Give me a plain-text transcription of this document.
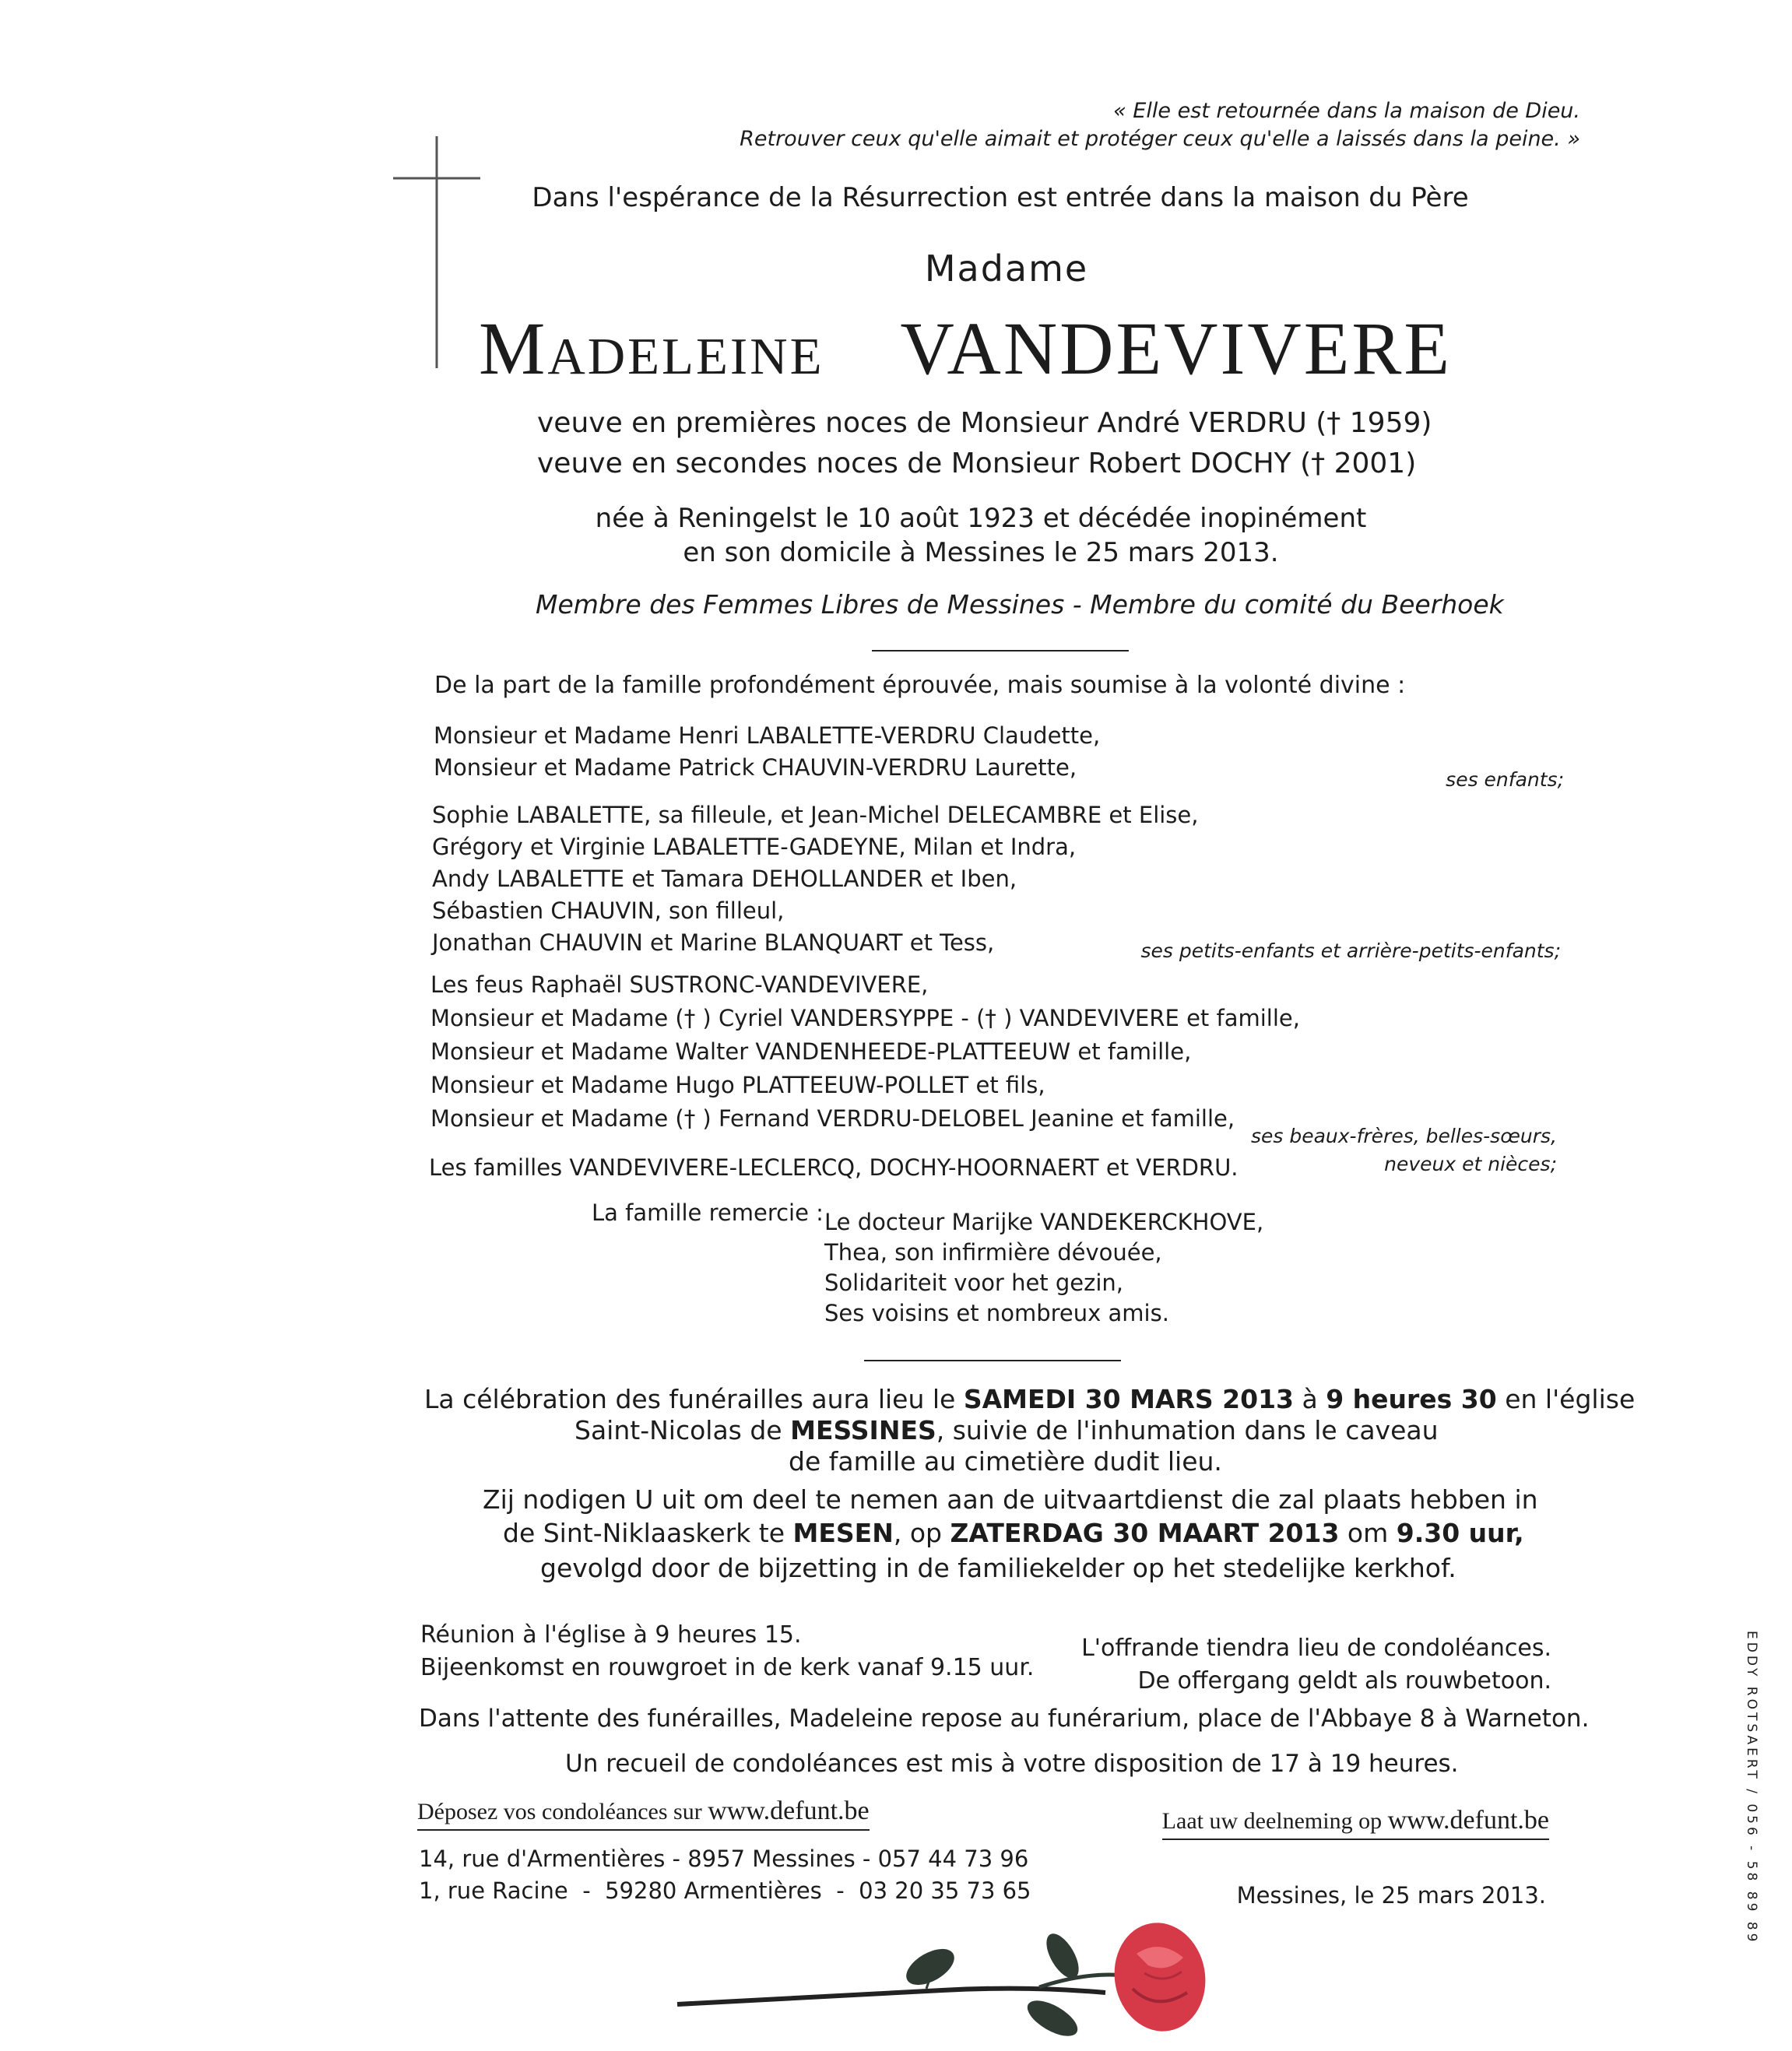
« Elle est retournée dans la maison de Dieu.
Retrouver ceux qu'elle aimait et protéger ceux qu'elle a laissés dans la peine. »
Dans l'espérance de la Résurrection est entrée dans la maison du Père
Madame
Madeleine VANDEVIVERE
veuve en premières noces de Monsieur André VERDRU († 1959)
veuve en secondes noces de Monsieur Robert DOCHY († 2001)
née à Reningelst le 10 août 1923 et décédée inopinément
en son domicile à Messines le 25 mars 2013.
Membre des Femmes Libres de Messines - Membre du comité du Beerhoek
De la part de la famille profondément éprouvée, mais soumise à la volonté divine :
Monsieur et Madame Henri LABALETTE-VERDRU Claudette,
Monsieur et Madame Patrick CHAUVIN-VERDRU Laurette,	ses enfants;
Sophie LABALETTE, sa filleule, et Jean-Michel DELECAMBRE et Elise,
Grégory et Virginie LABALETTE-GADEYNE, Milan et Indra,
Andy LABALETTE et Tamara DEHOLLANDER et Iben,
Sébastien CHAUVIN, son filleul,
Jonathan CHAUVIN et Marine BLANQUART et Tess,	ses petits-enfants et arrière-petits-enfants;
Les feus Raphaël SUSTRONC-VANDEVIVERE,
Monsieur et Madame († ) Cyriel VANDERSYPPE - († ) VANDEVIVERE et famille,
Monsieur et Madame Walter VANDENHEEDE-PLATTEEUW et famille,
Monsieur et Madame Hugo PLATTEEUW-POLLET et fils,
Monsieur et Madame († ) Fernand VERDRU-DELOBEL Jeanine et famille,
ses beaux-frères, belles-sœurs,
neveux et nièces;
Les familles VANDEVIVERE-LECLERCQ, DOCHY-HOORNAERT et VERDRU.
La famille remercie : Le docteur Marijke VANDEKERCKHOVE,
Thea, son infirmière dévouée,
Solidariteit voor het gezin,
Ses voisins et nombreux amis.
La célébration des funérailles aura lieu le SAMEDI 30 MARS 2013 à 9 heures 30 en l'église
Saint-Nicolas de MESSINES, suivie de l'inhumation dans le caveau
de famille au cimetière dudit lieu.
Zij nodigen U uit om deel te nemen aan de uitvaartdienst die zal plaats hebben in
de Sint-Niklaaskerk te MESEN, op ZATERDAG 30 MAART 2013 om 9.30 uur,
gevolgd door de bijzetting in de familiekelder op het stedelijke kerkhof.
Réunion à l'église à 9 heures 15.
Bijeenkomst en rouwgroet in de kerk vanaf 9.15 uur.
L'offrande tiendra lieu de condoléances.
De offergang geldt als rouwbetoon.
Dans l'attente des funérailles, Madeleine repose au funérarium, place de l'Abbaye 8 à Warneton.
Un recueil de condoléances est mis à votre disposition de 17 à 19 heures.
Déposez vos condoléances sur www.defunt.be	Laat uw deelneming op www.defunt.be
14, rue d'Armentières - 8957 Messines - 057 44 73 96
1, rue Racine  -  59280 Armentières  -  03 20 35 73 65	Messines, le 25 mars 2013.	EDDY ROTSAERT / 056 - 58 89 89
